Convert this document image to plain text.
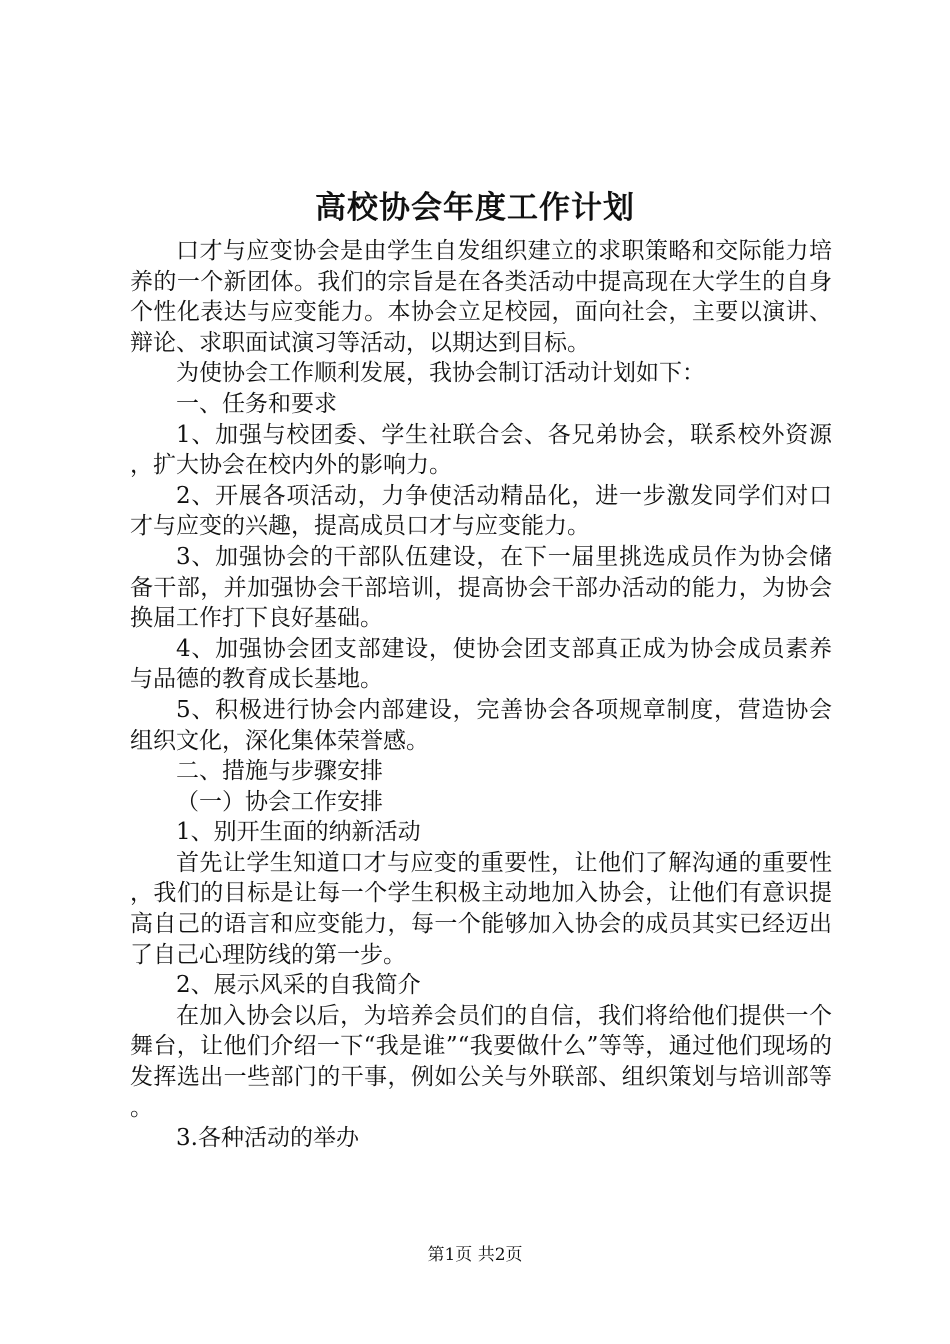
高校协会年度工作计划

口才与应变协会是由学生自发组织建立的求职策略和交际能力培养的一个新团体。我们的宗旨是在各类活动中提高现在大学生的自身个性化表达与应变能力。本协会立足校园，面向社会，主要以演讲、辩论、求职面试演习等活动，以期达到目标。

为使协会工作顺利发展，我协会制订活动计划如下：

一、任务和要求

1、加强与校团委、学生社联合会、各兄弟协会，联系校外资源，扩大协会在校内外的影响力。

2、开展各项活动，力争使活动精品化，进一步激发同学们对口才与应变的兴趣，提高成员口才与应变能力。

3、加强协会的干部队伍建设，在下一届里挑选成员作为协会储备干部，并加强协会干部培训，提高协会干部办活动的能力，为协会换届工作打下良好基础。

4、加强协会团支部建设，使协会团支部真正成为协会成员素养与品德的教育成长基地。

5、积极进行协会内部建设，完善协会各项规章制度，营造协会组织文化，深化集体荣誉感。

二、措施与步骤安排

（一）协会工作安排

1、别开生面的纳新活动

首先让学生知道口才与应变的重要性，让他们了解沟通的重要性，我们的目标是让每一个学生积极主动地加入协会，让他们有意识提高自己的语言和应变能力，每一个能够加入协会的成员其实已经迈出了自己心理防线的第一步。

2、展示风采的自我简介

在加入协会以后，为培养会员们的自信，我们将给他们提供一个舞台，让他们介绍一下“我是谁”“我要做什么”等等，通过他们现场的发挥选出一些部门的干事，例如公关与外联部、组织策划与培训部等。

3.各种活动的举办

第1页 共2页
